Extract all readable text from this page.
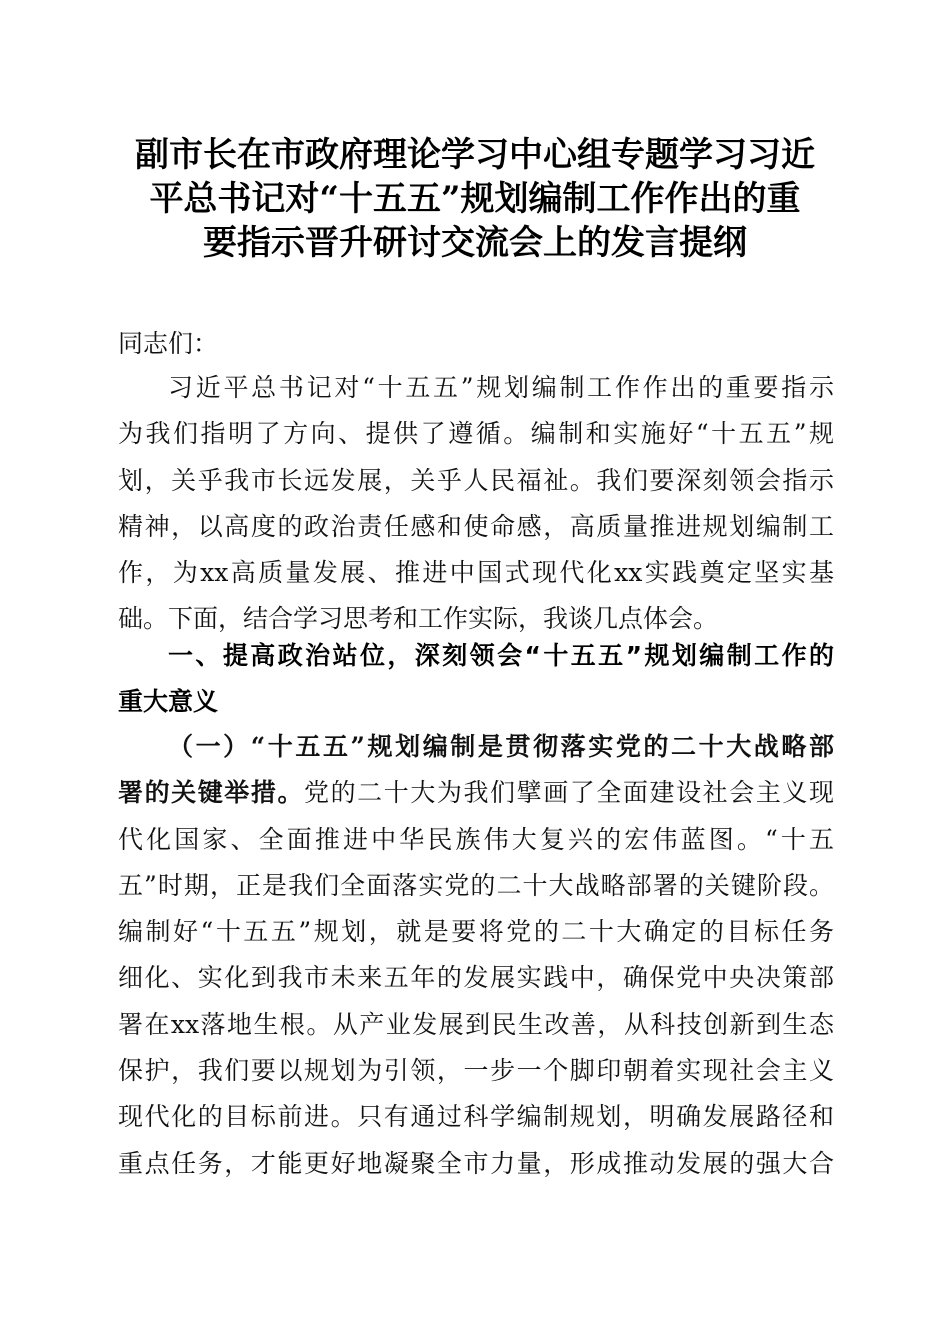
副市长在市政府理论学习中心组专题学习习近
平总书记对“十五五”规划编制工作作出的重
要指示晋升研讨交流会上的发言提纲

同志们：

习近平总书记对“十五五”规划编制工作作出的重要指示
为我们指明了方向、提供了遵循。编制和实施好“十五五”规
划，关乎我市长远发展，关乎人民福祉。我们要深刻领会指示
精神，以高度的政治责任感和使命感，高质量推进规划编制工
作，为xx高质量发展、推进中国式现代化xx实践奠定坚实基
础。下面，结合学习思考和工作实际，我谈几点体会。

一、提高政治站位，深刻领会“十五五”规划编制工作的
重大意义

（一）“十五五”规划编制是贯彻落实党的二十大战略部
署的关键举措。党的二十大为我们擘画了全面建设社会主义现
代化国家、全面推进中华民族伟大复兴的宏伟蓝图。“十五
五”时期，正是我们全面落实党的二十大战略部署的关键阶段。
编制好“十五五”规划，就是要将党的二十大确定的目标任务
细化、实化到我市未来五年的发展实践中，确保党中央决策部
署在xx落地生根。从产业发展到民生改善，从科技创新到生态
保护，我们要以规划为引领，一步一个脚印朝着实现社会主义
现代化的目标前进。只有通过科学编制规划，明确发展路径和
重点任务，才能更好地凝聚全市力量，形成推动发展的强大合
